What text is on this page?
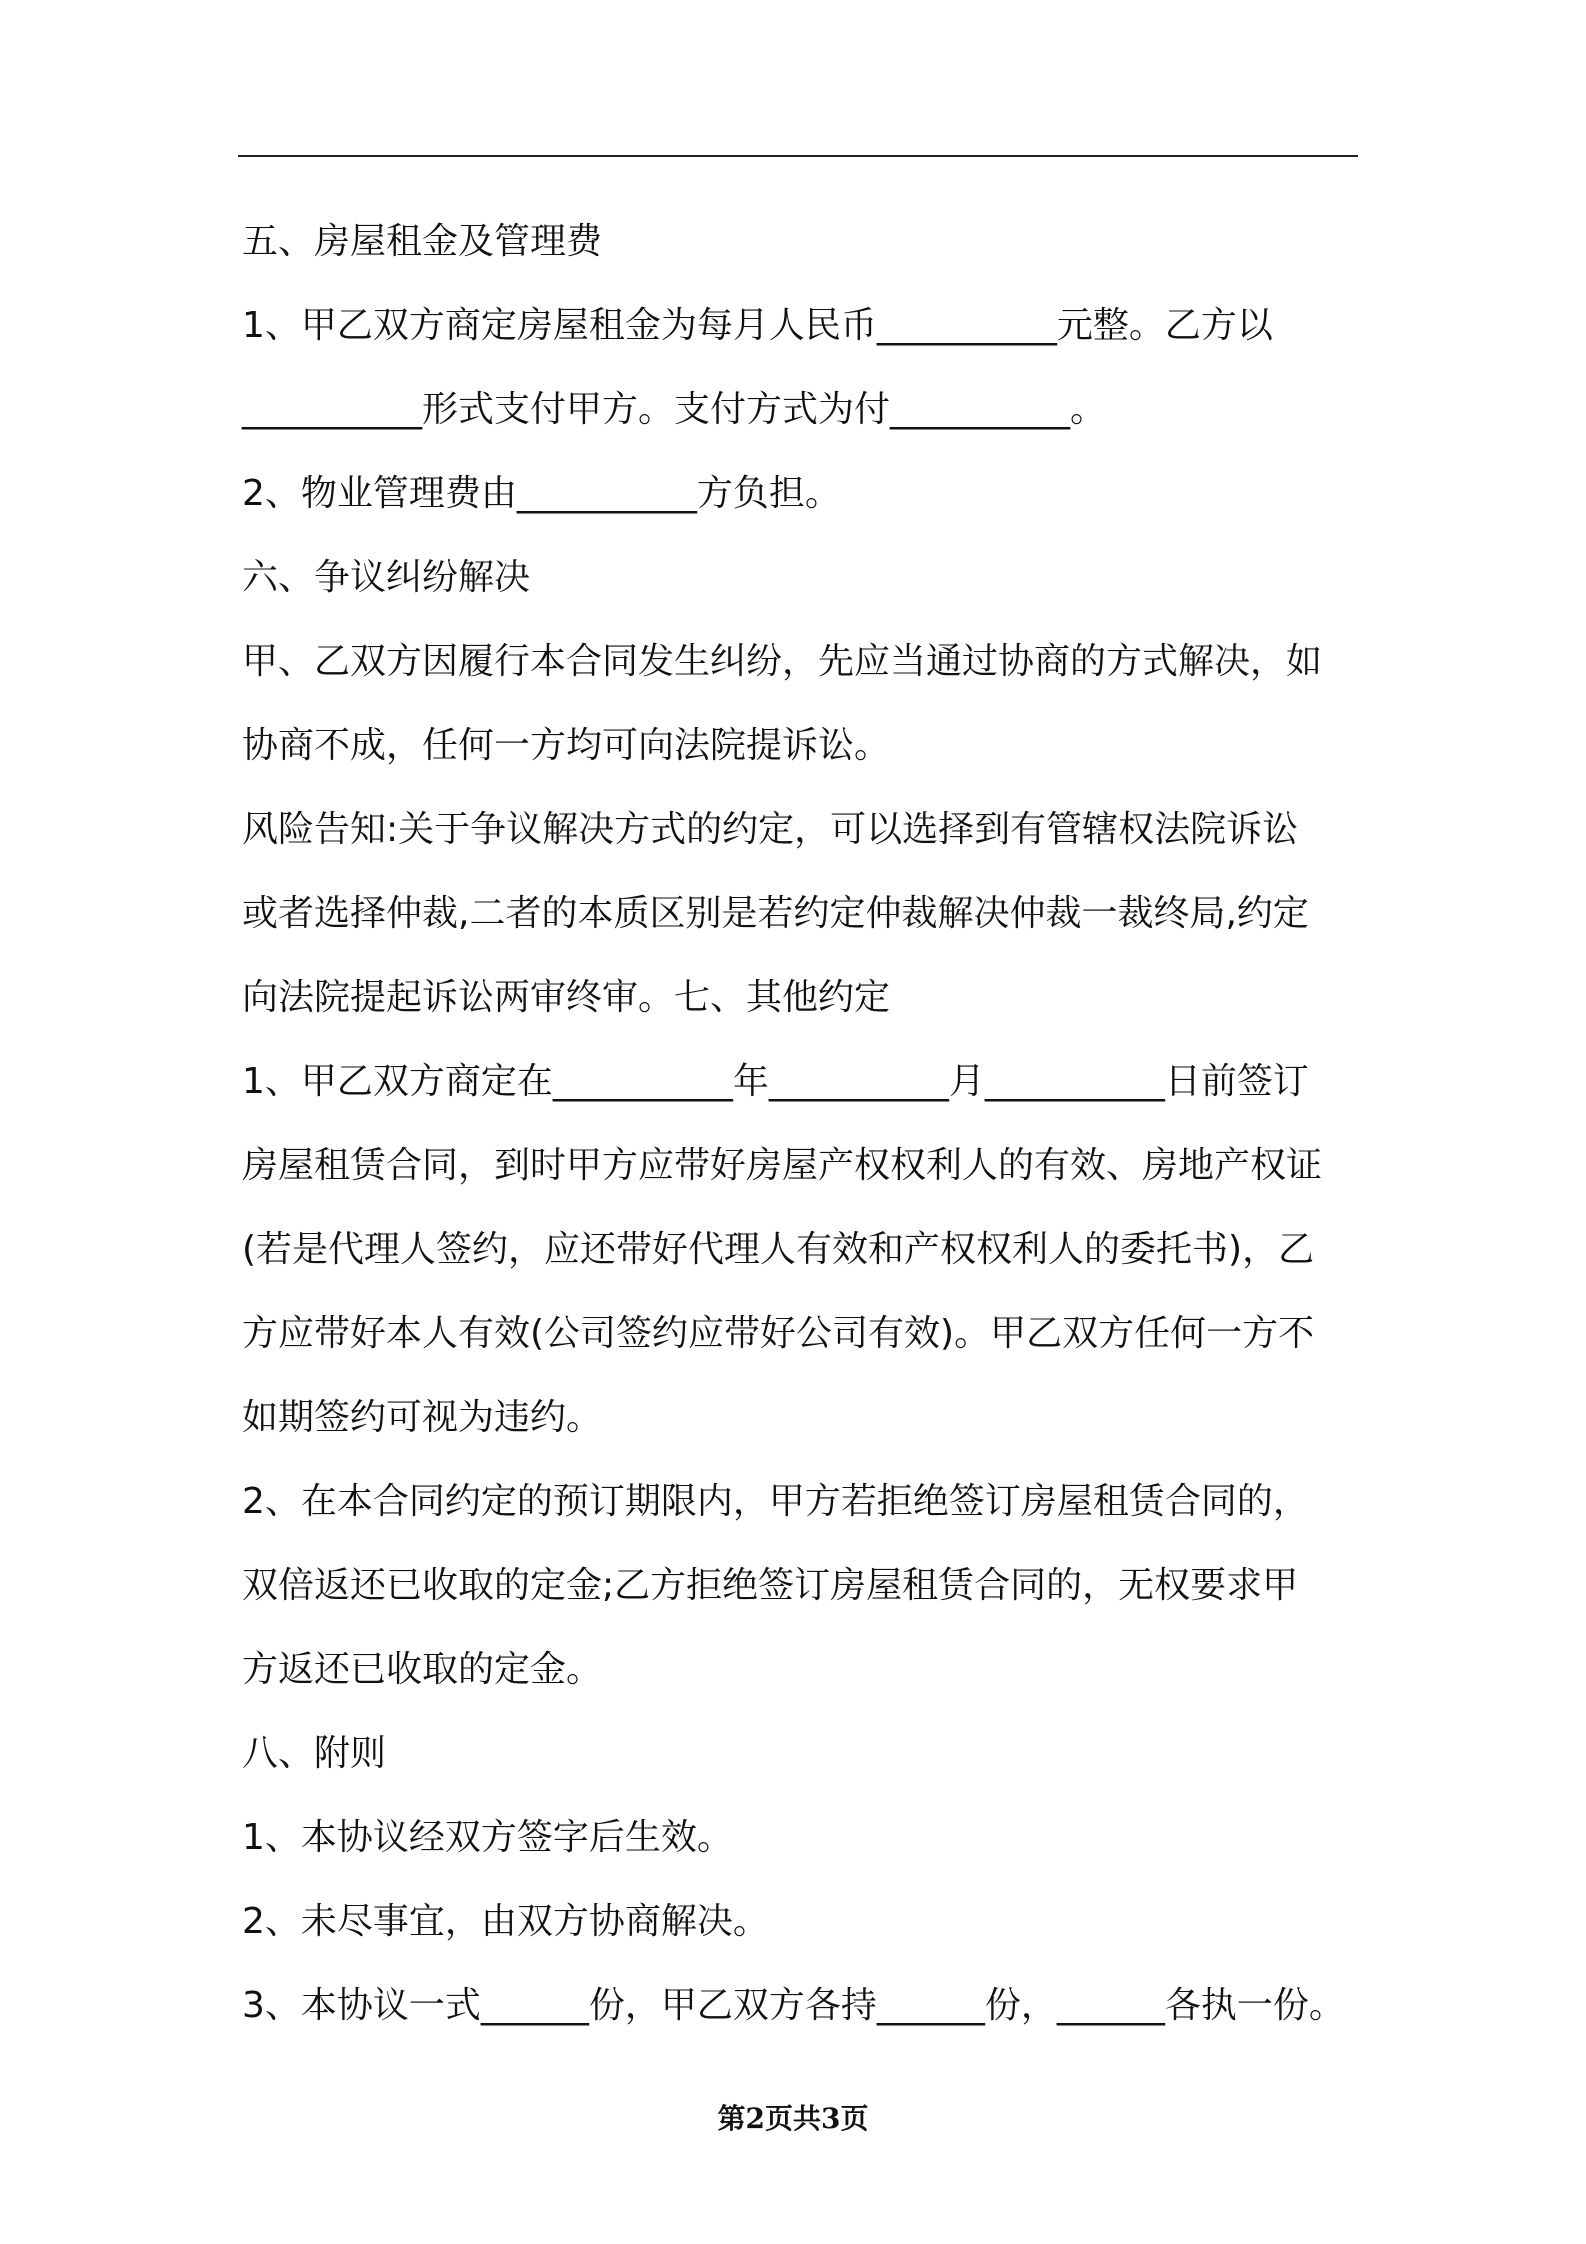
五、房屋租金及管理费

1、甲乙双方商定房屋租金为每月人民币__________元整。乙方以

__________形式支付甲方。支付方式为付__________。

2、物业管理费由__________方负担。

六、争议纠纷解决

甲、乙双方因履行本合同发生纠纷，先应当通过协商的方式解决，如

协商不成，任何一方均可向法院提诉讼。

风险告知:关于争议解决方式的约定，可以选择到有管辖权法院诉讼

或者选择仲裁,二者的本质区别是若约定仲裁解决仲裁一裁终局,约定

向法院提起诉讼两审终审。七、其他约定

1、甲乙双方商定在__________年__________月__________日前签订

房屋租赁合同，到时甲方应带好房屋产权权利人的有效、房地产权证

(若是代理人签约，应还带好代理人有效和产权权利人的委托书)，乙

方应带好本人有效(公司签约应带好公司有效)。甲乙双方任何一方不

如期签约可视为违约。

2、在本合同约定的预订期限内，甲方若拒绝签订房屋租赁合同的，

双倍返还已收取的定金;乙方拒绝签订房屋租赁合同的，无权要求甲

方返还已收取的定金。

八、附则

1、本协议经双方签字后生效。

2、未尽事宜，由双方协商解决。

3、本协议一式______份，甲乙双方各持______份，______各执一份。

第2页共3页
